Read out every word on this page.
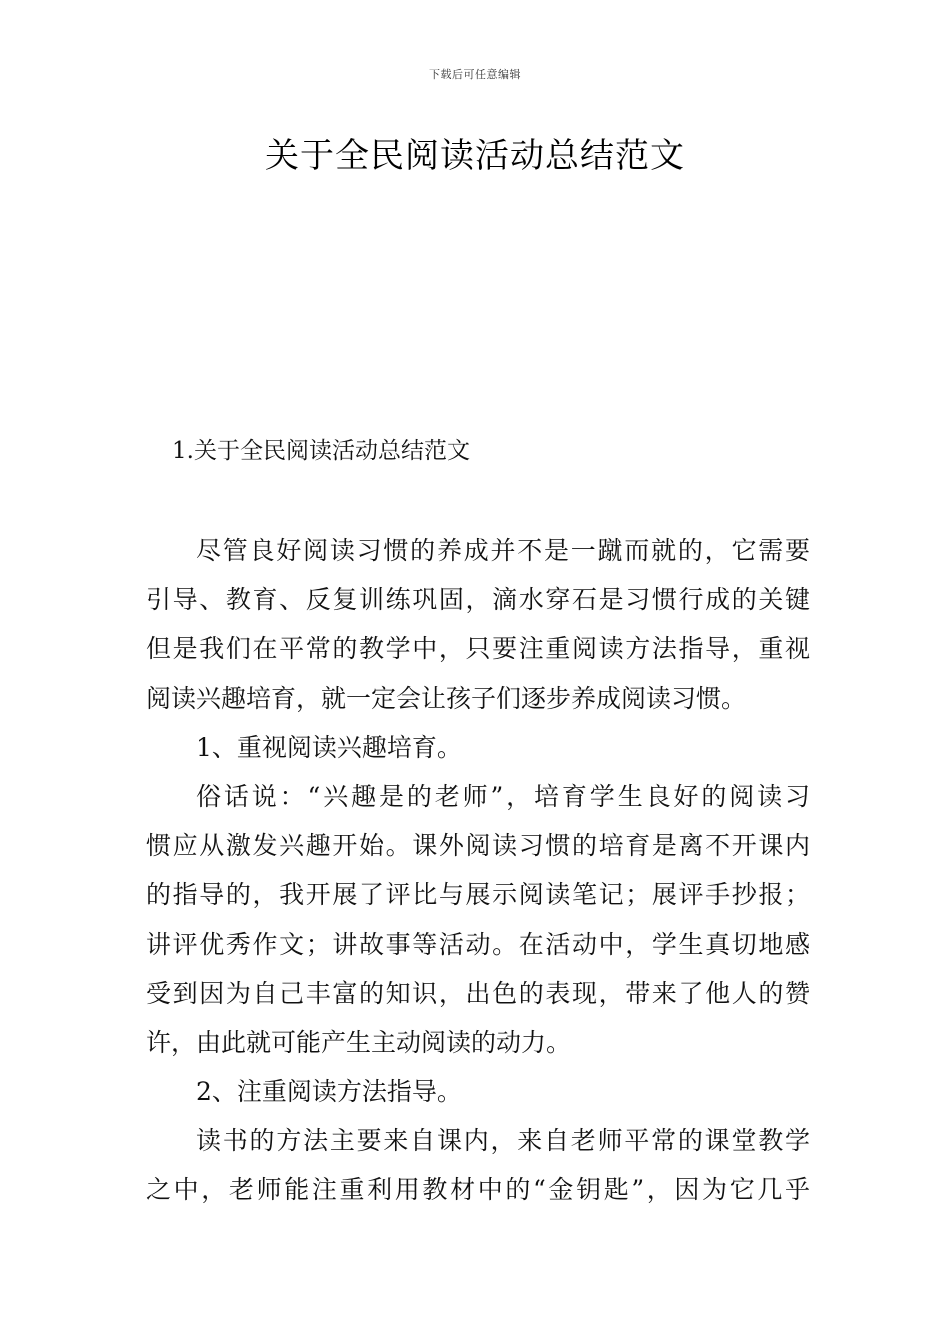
下载后可任意编辑
关于全民阅读活动总结范文
1.关于全民阅读活动总结范文
尽管良好阅读习惯的养成并不是一蹴而就的，它需要
引导、教育、反复训练巩固，滴水穿石是习惯行成的关键
但是我们在平常的教学中，只要注重阅读方法指导，重视
阅读兴趣培育，就一定会让孩子们逐步养成阅读习惯。
1、重视阅读兴趣培育。
俗话说：“兴趣是的老师”，培育学生良好的阅读习
惯应从激发兴趣开始。课外阅读习惯的培育是离不开课内
的指导的，我开展了评比与展示阅读笔记；展评手抄报；
讲评优秀作文；讲故事等活动。在活动中，学生真切地感
受到因为自己丰富的知识，出色的表现，带来了他人的赞
许，由此就可能产生主动阅读的动力。
2、注重阅读方法指导。
读书的方法主要来自课内，来自老师平常的课堂教学
之中，老师能注重利用教材中的“金钥匙”，因为它几乎
